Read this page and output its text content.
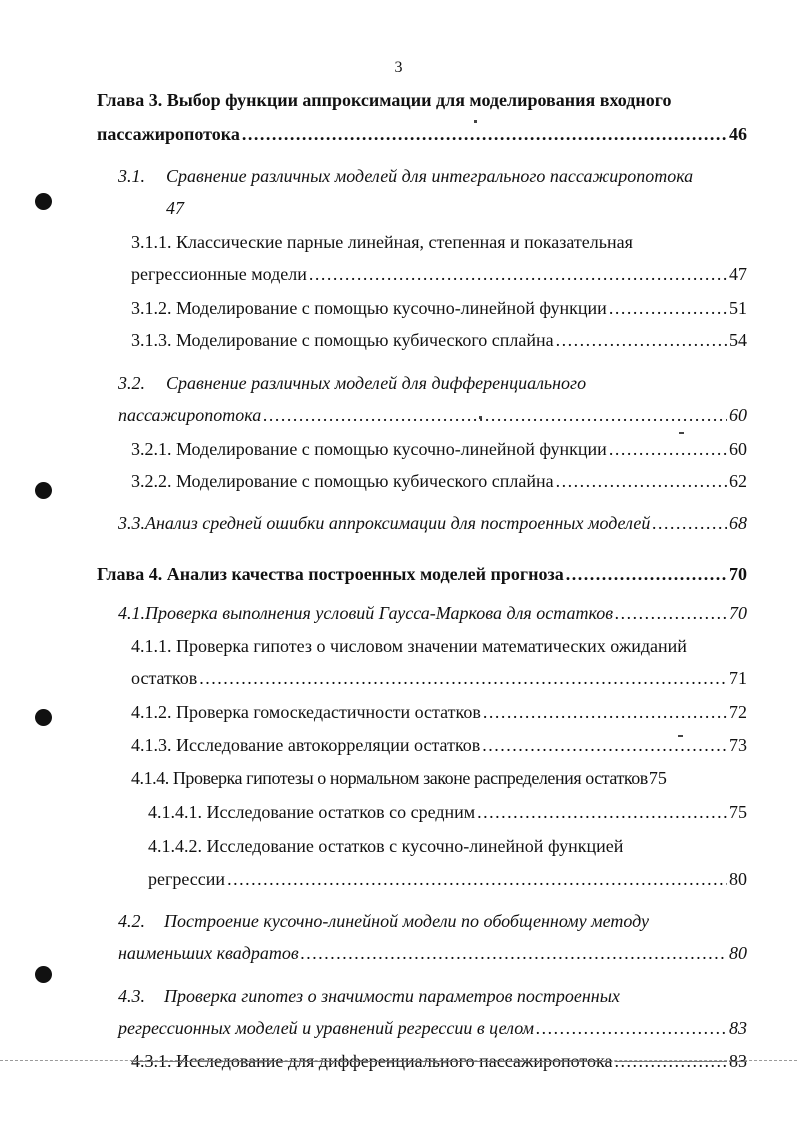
3
Глава 3. Выбор функции аппроксимации для моделирования входного
пассажиропотока . . .	46
3.1.	Сравнение различных моделей для интегрального пассажиропотока
47
3.1.1. Классические парные линейная, степенная и показательная
регрессионные модели . . .	47
3.1.2. Моделирование с помощью кусочно-линейной функции . . .	51
3.1.3. Моделирование с помощью кубического сплайна . . .	54
3.2.	Сравнение различных моделей для дифференциального
пассажиропотока . . .	60
3.2.1. Моделирование с помощью кусочно-линейной функции . . .	60
3.2.2. Моделирование с помощью кубического сплайна . . .	62
3.3. Анализ средней ошибки аппроксимации для построенных моделей . . .	68
Глава 4. Анализ качества построенных моделей прогноза . . .	70
4.1. Проверка выполнения условий Гаусса-Маркова для остатков . . .	70
4.1.1. Проверка гипотез о числовом значении математических ожиданий
остатков . . .	71
4.1.2. Проверка гомоскедастичности остатков . . .	72
4.1.3. Исследование автокорреляции остатков . . .	73
4.1.4. Проверка гипотезы о нормальном законе распределения остатков 75
4.1.4.1. Исследование остатков со средним . . .	75
4.1.4.2. Исследование остатков с кусочно-линейной функцией
регрессии . . .	80
4.2.	Построение кусочно-линейной модели по обобщенному методу
наименьших квадратов . . .	80
4.3.	Проверка гипотез о значимости параметров построенных
регрессионных моделей и уравнений регрессии в целом . . .	83
4.3.1. Исследование для дифференциального пассажиропотока . . .	83
